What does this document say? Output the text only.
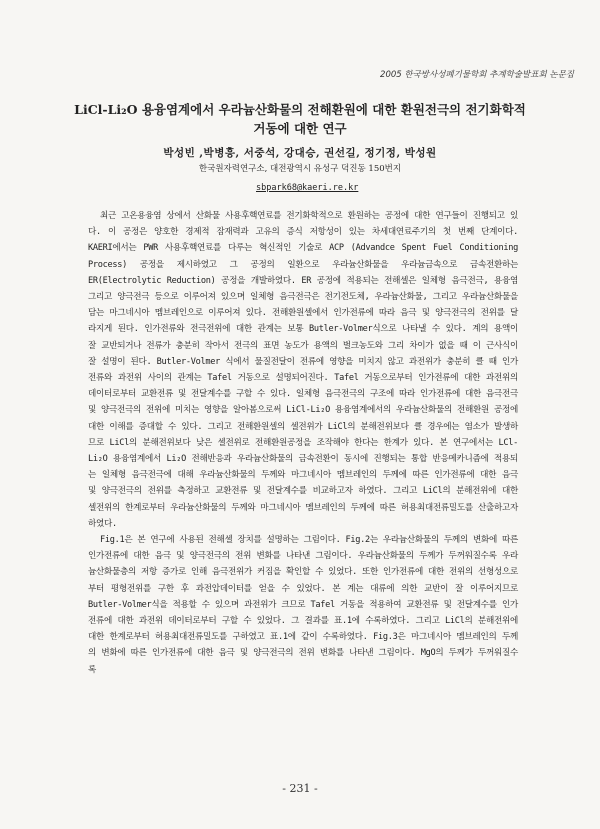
2005 한국방사성폐기물학회 추계학술발표회 논문집

LiCl-Li₂O 용융염계에서 우라늄산화물의 전해환원에 대한 환원전극의 전기화학적
거동에 대한 연구

박성빈 ,박병흥, 서중석, 강대승, 권선길, 정기정, 박성원
한국원자력연구소, 대전광역시 유성구 덕진동 150번지
sbpark68@kaeri.re.kr

최근 고온용융염 상에서 산화물 사용후핵연료를 전기화학적으로 환원하는 공정에 대한 연구들이 진행되고 있다. 이 공정은 양호한 경제적 잠재력과 고유의 증식 저항성이 있는 차세대연료주기의 첫 번째 단계이다. KAERI에서는 PWR 사용후핵연료를 다루는 혁신적인 기술로 ACP (Advandce Spent Fuel Conditioning Process) 공정을 제시하였고 그 공정의 일환으로 우라늄산화물을 우라늄금속으로 금속전환하는 ER(Electrolytic Reduction) 공정을 개발하였다. ER 공정에 적용되는 전해셀은 일체형 음극전극, 용융염 그리고 양극전극 등으로 이루어져 있으며 일체형 음극전극은 전기전도체, 우라늄산화물, 그리고 우라늄산화물을 담는 마그네시아 멤브레인으로 이루어져 있다. 전해환원셀에서 인가전류에 따라 음극 및 양극전극의 전위를 달라지게 된다. 인가전류와 전극전위에 대한 관계는 보통 Butler-Volmer식으로 나타낼 수 있다. 계의 용액이 잘 교반되거나 전류가 충분히 작아서 전극의 표면 농도가 용액의 벌크농도와 그리 차이가 없을 때 이 근사식이 잘 설명이 된다. Butler-Volmer 식에서 물질전달이 전류에 영향을 미치지 않고 과전위가 충분히 클 때 인가전류와 과전위 사이의 관계는 Tafel 거동으로 설명되어진다. Tafel 거동으로부터 인가전류에 대한 과전위의 데이터로부터 교환전류 및 전달계수를 구할 수 있다. 일체형 음극전극의 구조에 따라 인가전류에 대한 음극전극 및 양극전극의 전위에 미치는 영향을 알아봄으로써 LiCl-Li₂O 용융염계에서의 우라늄산화물의 전해환원 공정에 대한 이해를 증대할 수 있다. 그리고 전해환원셀의 셀전위가 LiCl의 분해전위보다 클 경우에는 염소가 발생하므로 LiCl의 분해전위보다 낮은 셀전위로 전해환원공정을 조작해야 한다는 한계가 있다. 본 연구에서는 LCl-Li₂O 용융염계에서 Li₂O 전해반응과 우라늄산화물의 금속전환이 동시에 진행되는 통합 반응메카니즘에 적용되는 일체형 음극전극에 대해 우라늄산화물의 두께와 마그네시아 멤브레인의 두께에 따른 인가전류에 대한 음극 및 양극전극의 전위를 측정하고 교환전류 및 전달계수를 비교하고자 하였다. 그리고 LiCl의 분해전위에 대한 셀전위의 한계로부터 우라늄산화물의 두께와 마그네시아 멤브레인의 두께에 따른 허용최대전류밀도를 산출하고자 하였다.

Fig.1은 본 연구에 사용된 전해셀 장치를 설명하는 그림이다. Fig.2는 우라늄산화물의 두께의 변화에 따른 인가전류에 대한 음극 및 양극전극의 전위 변화를 나타낸 그림이다. 우라늄산화물의 두께가 두꺼워질수록 우라늄산화물층의 저항 증가로 인해 음극전위가 커짐을 확인할 수 있었다. 또한 인가전류에 대한 전위의 선형성으로부터 평형전위를 구한 후 과전압데이터를 얻을 수 있었다. 본 계는 대류에 의한 교반이 잘 이루어지므로 Butler-Volmer식을 적용할 수 있으며 과전위가 크므로 Tafel 거동을 적용하여 교환전류 및 전달계수를 인가전류에 대한 과전위 데이터로부터 구할 수 있었다. 그 결과를 표.1에 수록하였다. 그리고 LiCl의 분해전위에 대한 한계로부터 허용최대전류밀도를 구하였고 표.1에 같이 수록하였다. Fig.3은 마그네시아 멤브레인의 두께의 변화에 따른 인가전류에 대한 음극 및 양극전극의 전위 변화를 나타낸 그림이다. MgO의 두께가 두꺼워질수록

- 231 -
